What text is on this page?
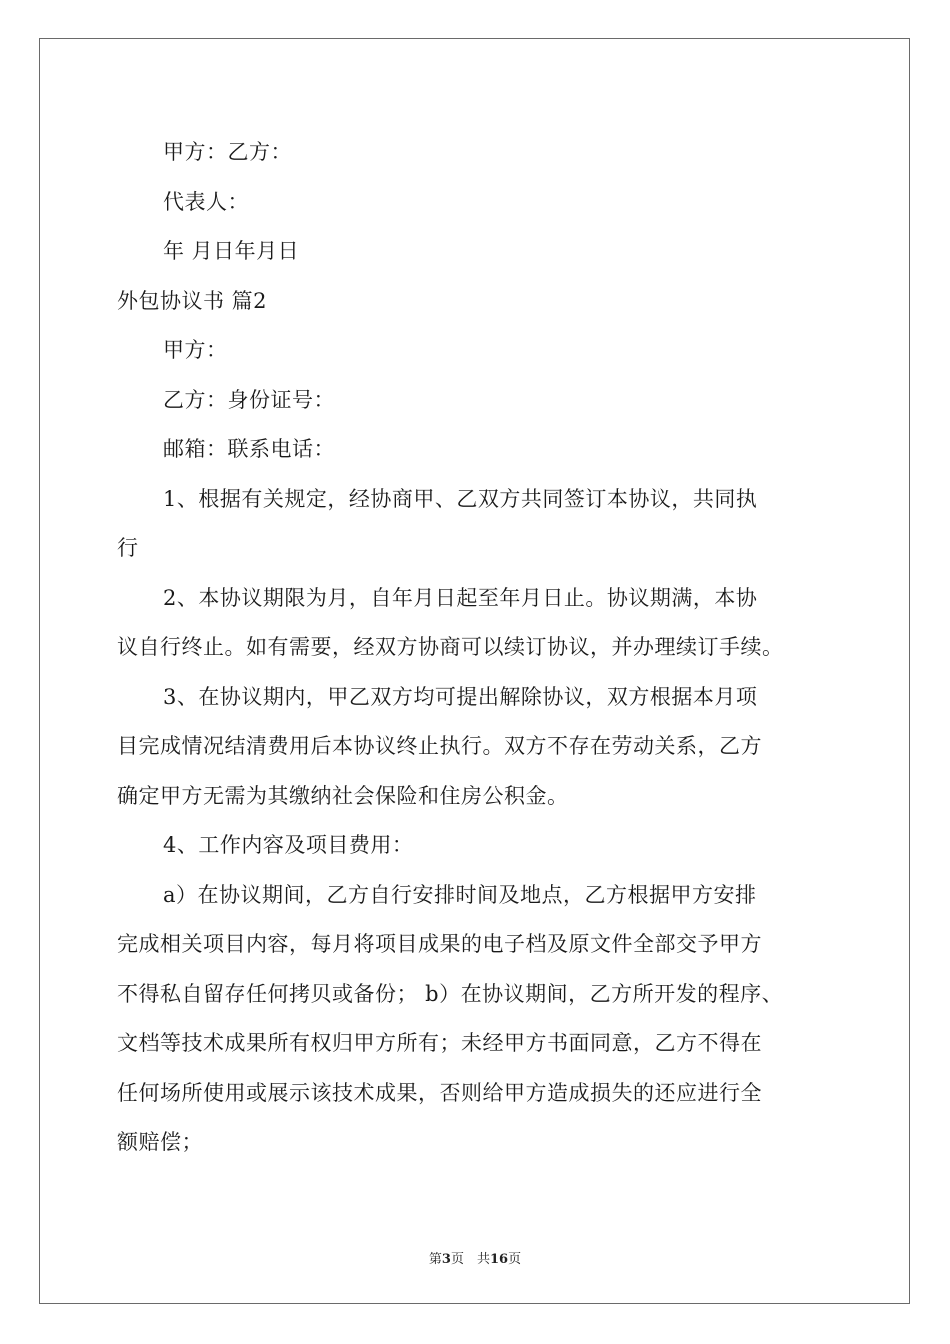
甲方：乙方：
代表人：
年 月日年月日
外包协议书 篇2
甲方：
乙方：身份证号：
邮箱：联系电话：
1、根据有关规定，经协商甲、乙双方共同签订本协议，共同执
行
2、本协议期限为月，自年月日起至年月日止。协议期满，本协
议自行终止。如有需要，经双方协商可以续订协议，并办理续订手续。
3、在协议期内，甲乙双方均可提出解除协议，双方根据本月项
目完成情况结清费用后本协议终止执行。双方不存在劳动关系，乙方
确定甲方无需为其缴纳社会保险和住房公积金。
4、工作内容及项目费用：
a）在协议期间，乙方自行安排时间及地点，乙方根据甲方安排
完成相关项目内容，每月将项目成果的电子档及原文件全部交予甲方
不得私自留存任何拷贝或备份； b）在协议期间，乙方所开发的程序、
文档等技术成果所有权归甲方所有；未经甲方书面同意，乙方不得在
任何场所使用或展示该技术成果，否则给甲方造成损失的还应进行全
额赔偿；
第3页　共16页
